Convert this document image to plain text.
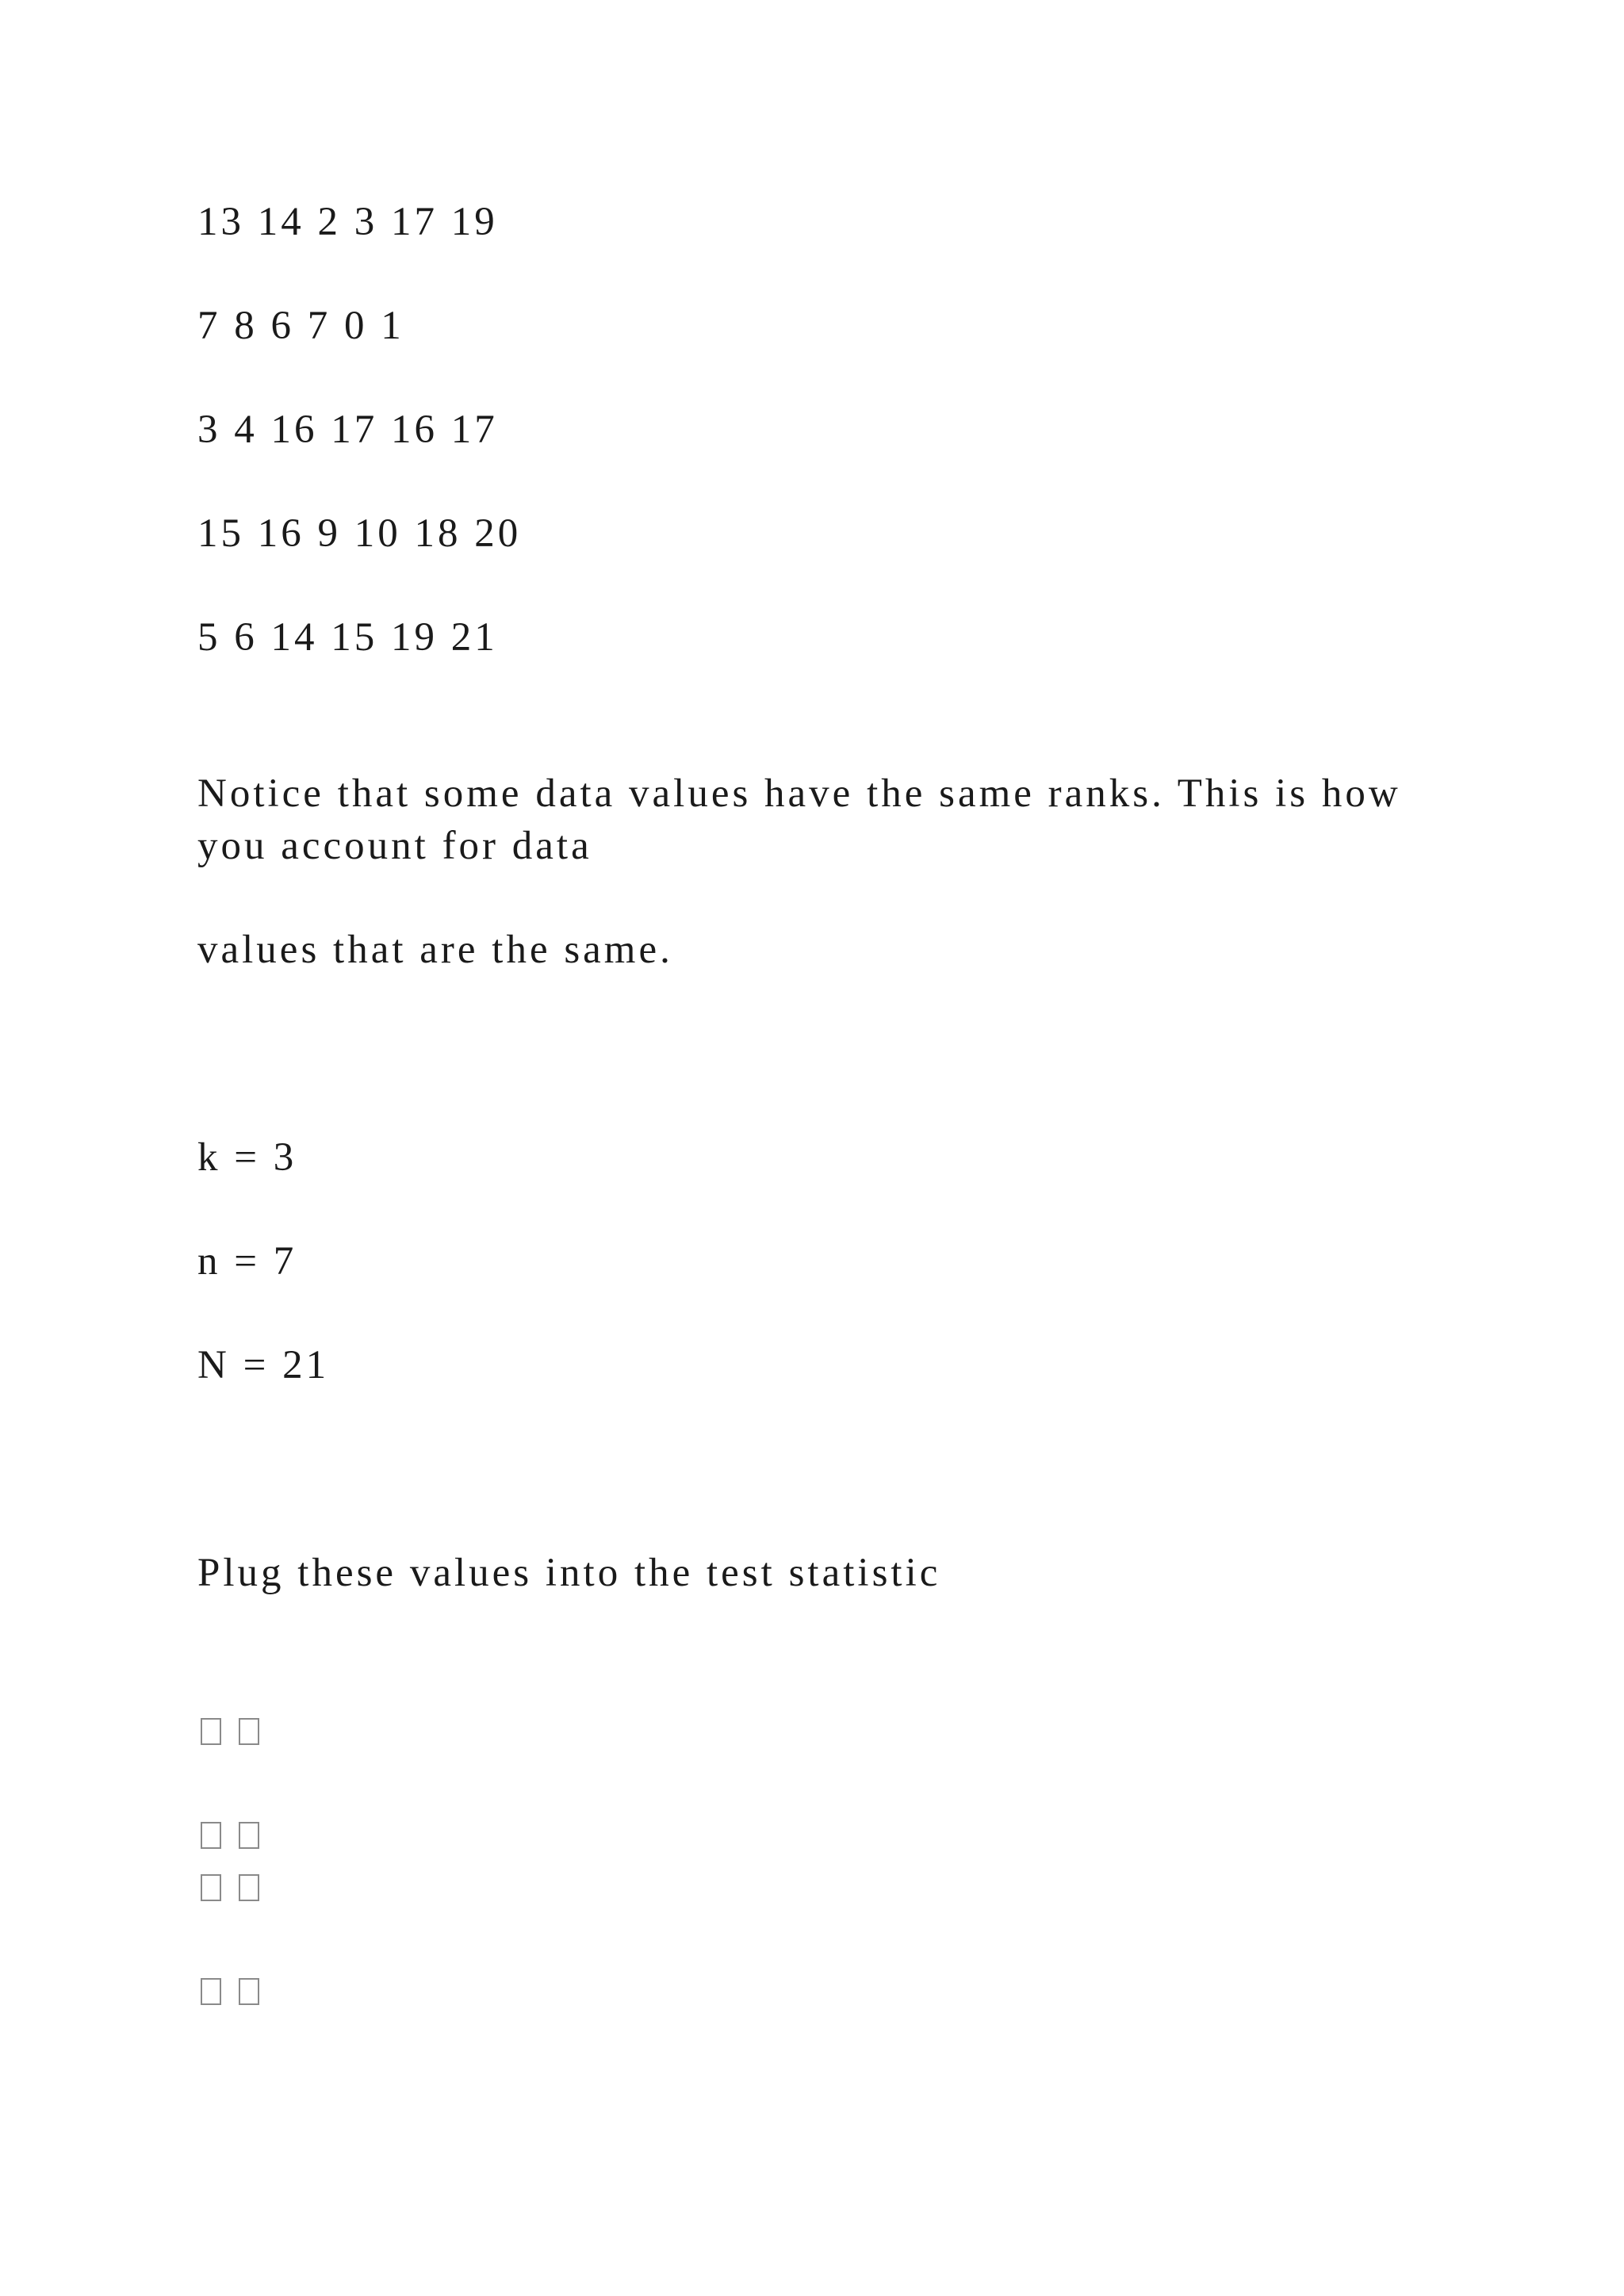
13 14 2 3 17 19

7 8 6 7 0 1

3 4 16 17 16 17

15 16 9 10 18 20

5 6 14 15 19 21

Notice that some data values have the same ranks. This is how

you account for data

values that are the same.

k = 3

n = 7

N = 21

Plug these values into the test statistic
